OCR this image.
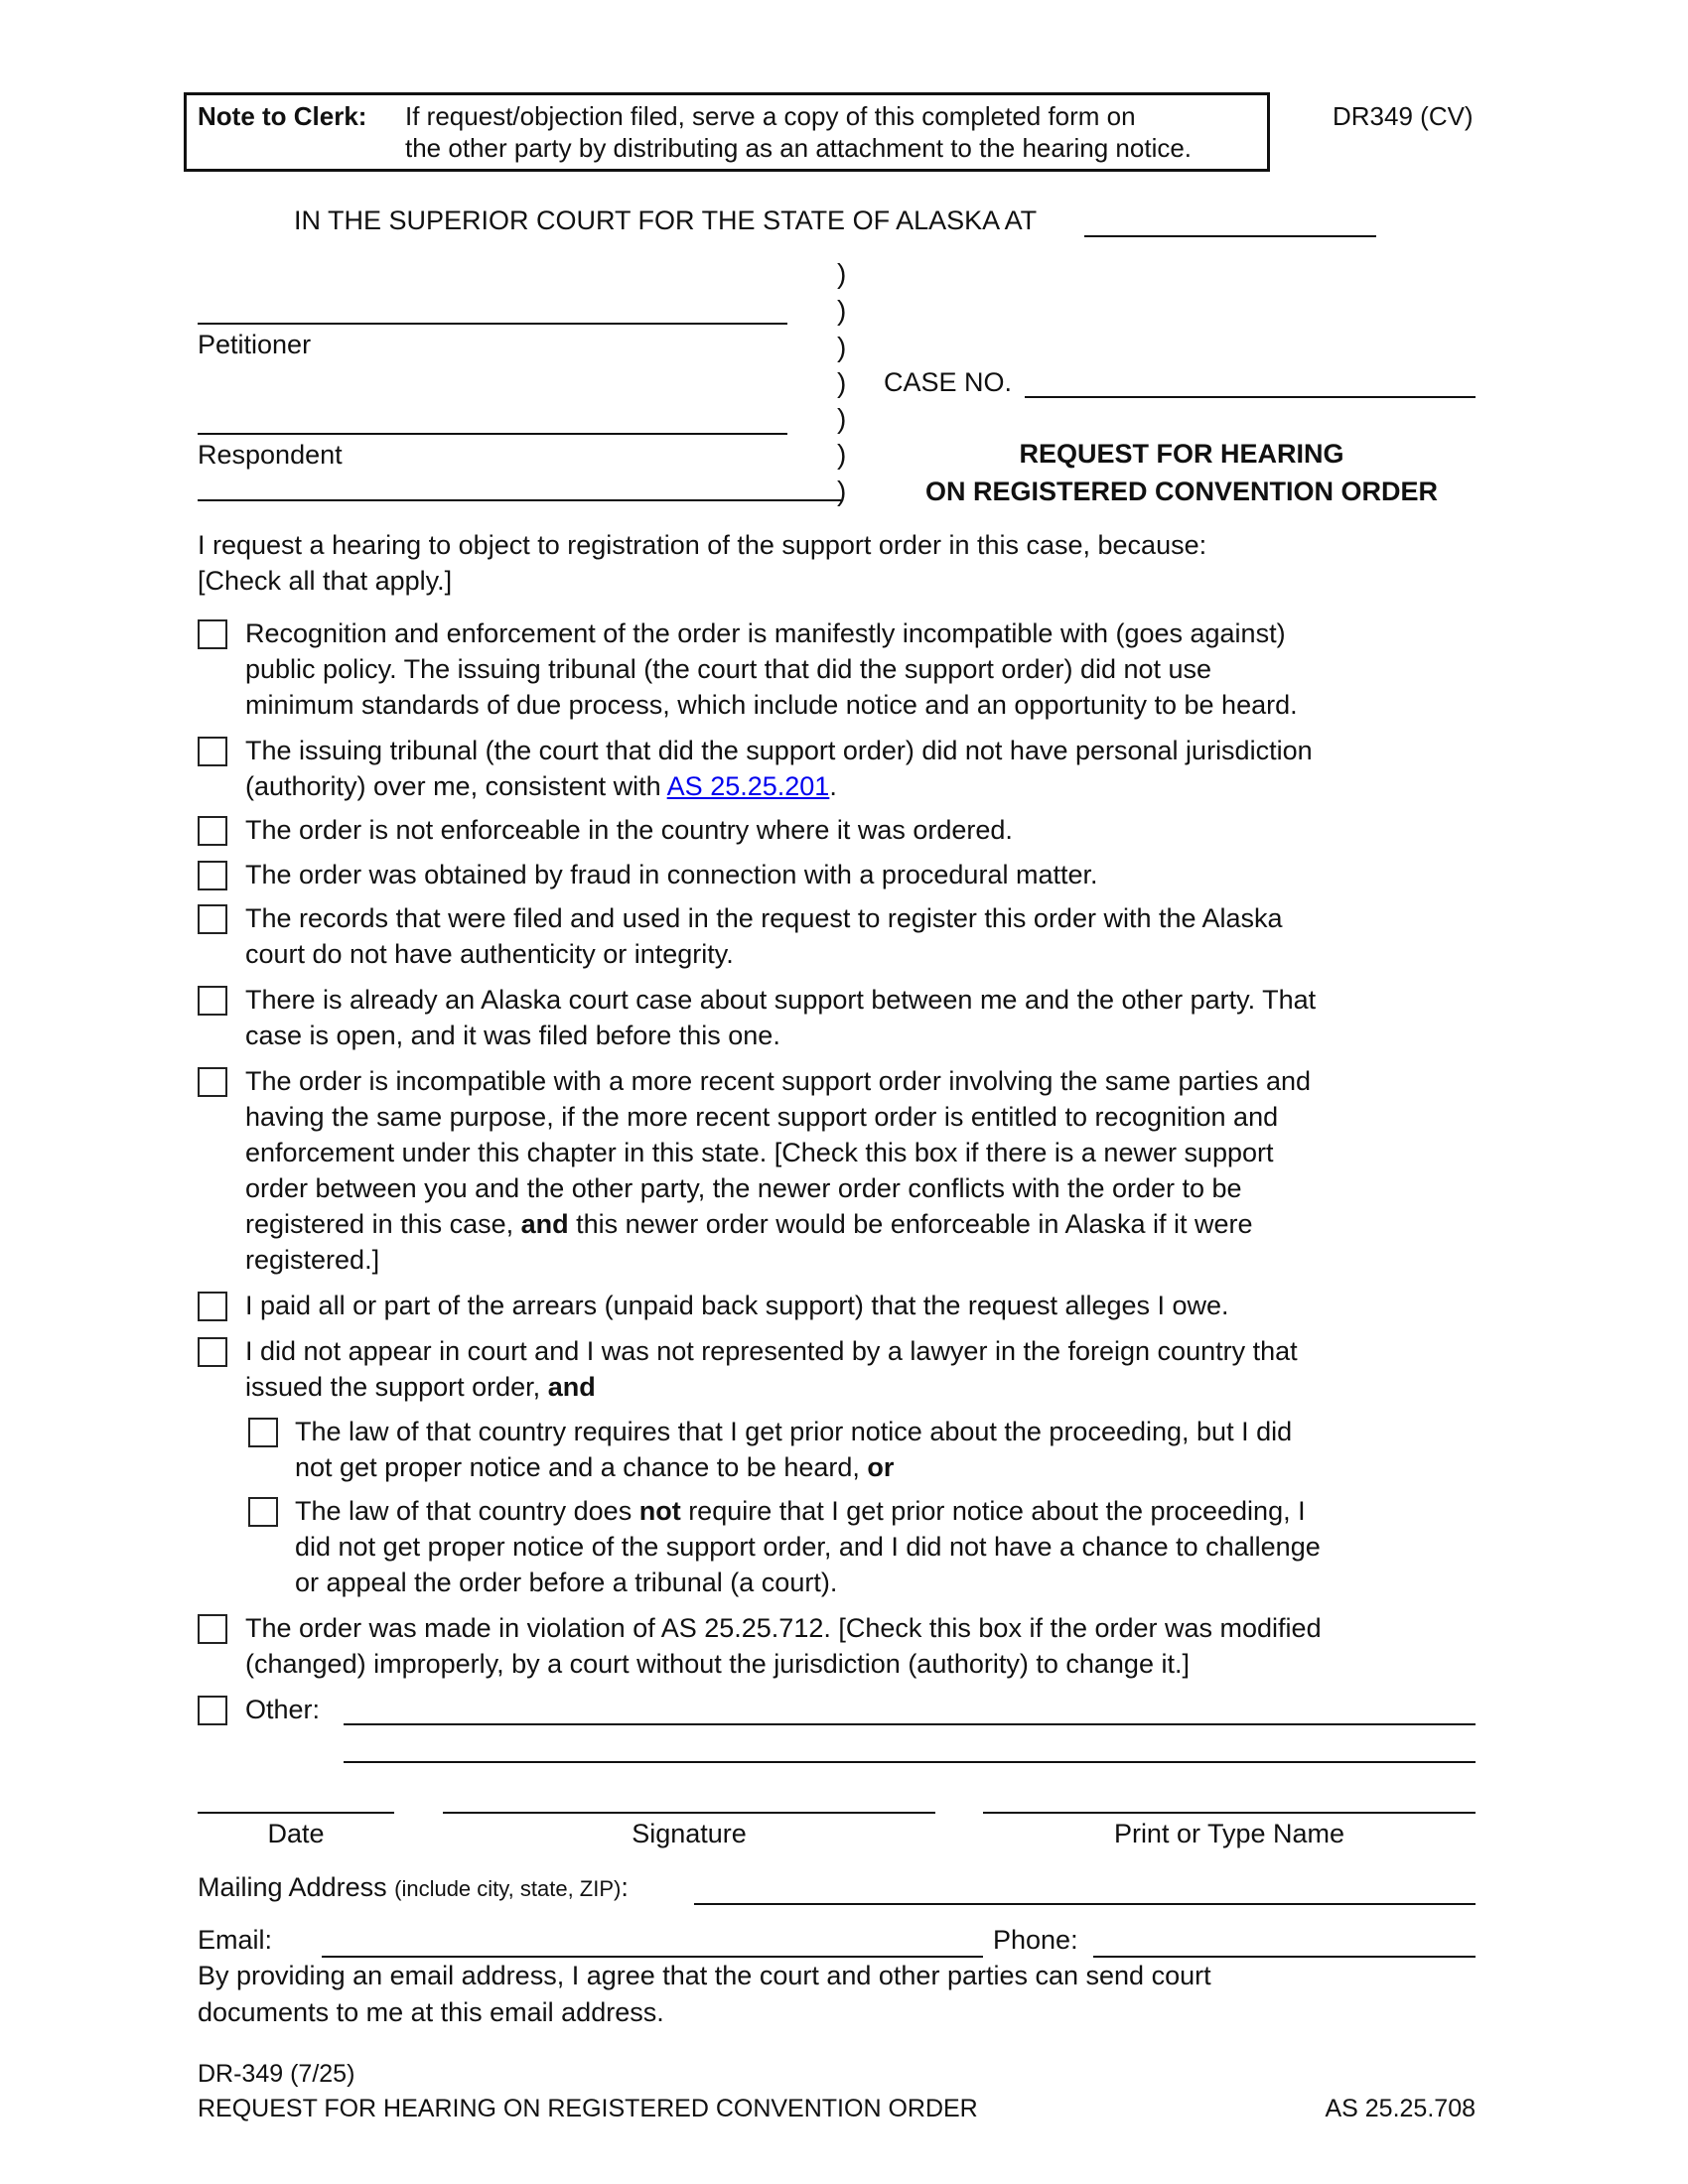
Note to Clerk: If request/objection filed, serve a copy of this completed form on
the other party by distributing as an attachment to the hearing notice.
DR349 (CV)
IN THE SUPERIOR COURT FOR THE STATE OF ALASKA AT
Petitioner
Respondent
)
)
)
)
)
)
)
CASE NO.
REQUEST FOR HEARING
ON REGISTERED CONVENTION ORDER
I request a hearing to object to registration of the support order in this case, because:
[Check all that apply.]
Recognition and enforcement of the order is manifestly incompatible with (goes against)
public policy. The issuing tribunal (the court that did the support order) did not use
minimum standards of due process, which include notice and an opportunity to be heard.
The issuing tribunal (the court that did the support order) did not have personal jurisdiction
(authority) over me, consistent with AS 25.25.201.
The order is not enforceable in the country where it was ordered.
The order was obtained by fraud in connection with a procedural matter.
The records that were filed and used in the request to register this order with the Alaska
court do not have authenticity or integrity.
There is already an Alaska court case about support between me and the other party. That
case is open, and it was filed before this one.
The order is incompatible with a more recent support order involving the same parties and
having the same purpose, if the more recent support order is entitled to recognition and
enforcement under this chapter in this state. [Check this box if there is a newer support
order between you and the other party, the newer order conflicts with the order to be
registered in this case, and this newer order would be enforceable in Alaska if it were
registered.]
I paid all or part of the arrears (unpaid back support) that the request alleges I owe.
I did not appear in court and I was not represented by a lawyer in the foreign country that
issued the support order, and
The law of that country requires that I get prior notice about the proceeding, but I did
not get proper notice and a chance to be heard, or
The law of that country does not require that I get prior notice about the proceeding, I
did not get proper notice of the support order, and I did not have a chance to challenge
or appeal the order before a tribunal (a court).
The order was made in violation of AS 25.25.712. [Check this box if the order was modified
(changed) improperly, by a court without the jurisdiction (authority) to change it.]
Other:
Date	Signature	Print or Type Name
Mailing Address (include city, state, ZIP):
Email:	Phone:
By providing an email address, I agree that the court and other parties can send court
documents to me at this email address.
DR-349 (7/25)
REQUEST FOR HEARING ON REGISTERED CONVENTION ORDER	AS 25.25.708
